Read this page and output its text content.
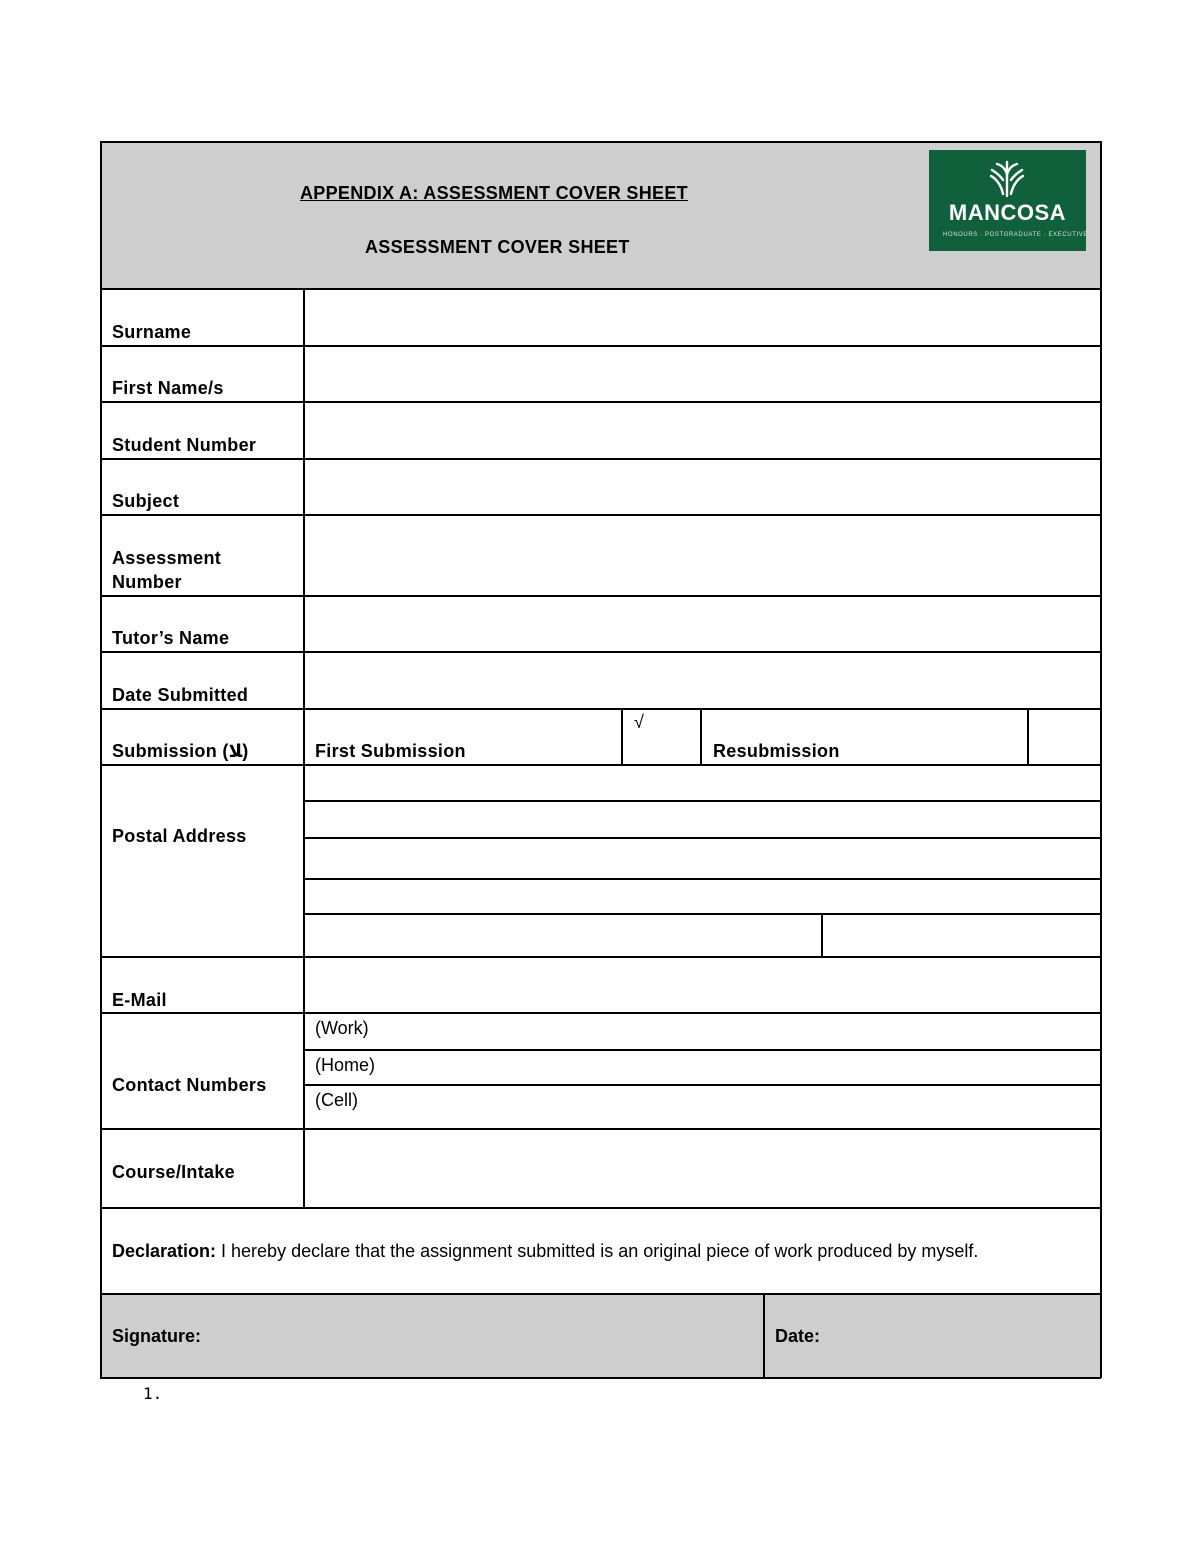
APPENDIX A: ASSESSMENT COVER SHEET
ASSESSMENT COVER SHEET
MANCOSA
HONOURS · POSTGRADUATE · EXECUTIVE
Surname
First Name/s
Student Number
Subject
Assessment
Number
Tutor’s Name
Date Submitted
Submission (ﻼ)	First Submission
√
Resubmission
Postal Address
E-Mail
Contact Numbers
(Work)
(Home)
(Cell)
Course/Intake
Declaration: I hereby declare that the assignment submitted is an original piece of work produced by myself.
Signature:	Date:
1.
